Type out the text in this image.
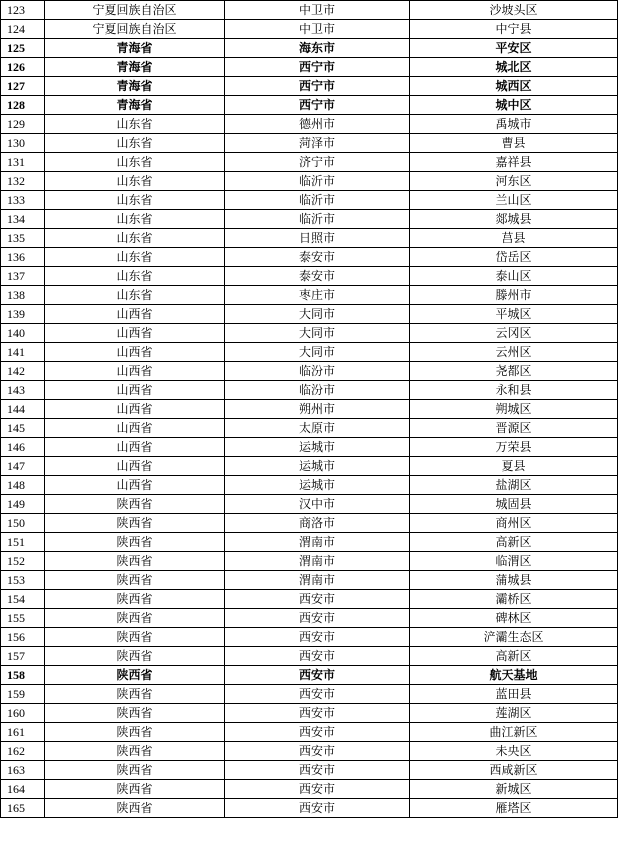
123	宁夏回族自治区	中卫市	沙坡头区
124	宁夏回族自治区	中卫市	中宁县
125	青海省	海东市	平安区
126	青海省	西宁市	城北区
127	青海省	西宁市	城西区
128	青海省	西宁市	城中区
129	山东省	德州市	禹城市
130	山东省	菏泽市	曹县
131	山东省	济宁市	嘉祥县
132	山东省	临沂市	河东区
133	山东省	临沂市	兰山区
134	山东省	临沂市	郯城县
135	山东省	日照市	莒县
136	山东省	泰安市	岱岳区
137	山东省	泰安市	泰山区
138	山东省	枣庄市	滕州市
139	山西省	大同市	平城区
140	山西省	大同市	云冈区
141	山西省	大同市	云州区
142	山西省	临汾市	尧都区
143	山西省	临汾市	永和县
144	山西省	朔州市	朔城区
145	山西省	太原市	晋源区
146	山西省	运城市	万荣县
147	山西省	运城市	夏县
148	山西省	运城市	盐湖区
149	陕西省	汉中市	城固县
150	陕西省	商洛市	商州区
151	陕西省	渭南市	高新区
152	陕西省	渭南市	临渭区
153	陕西省	渭南市	蒲城县
154	陕西省	西安市	灞桥区
155	陕西省	西安市	碑林区
156	陕西省	西安市	浐灞生态区
157	陕西省	西安市	高新区
158	陕西省	西安市	航天基地
159	陕西省	西安市	蓝田县
160	陕西省	西安市	莲湖区
161	陕西省	西安市	曲江新区
162	陕西省	西安市	未央区
163	陕西省	西安市	西咸新区
164	陕西省	西安市	新城区
165	陕西省	西安市	雁塔区
